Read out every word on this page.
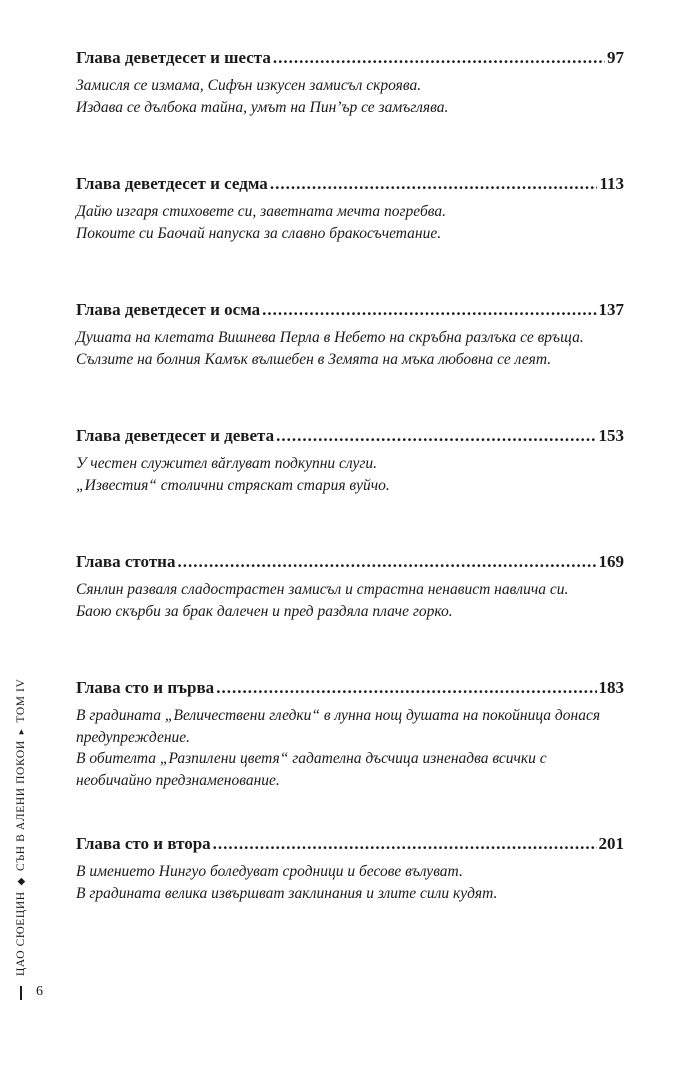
Глава деветдесет и шеста .....	97
Замисля се измама, Сифън изкусен замисъл скроява.
Издава се дълбока тайна, умът на Пин’ър се замъглява.
Глава деветдесет и седма .....	113
Дайю изгаря стиховете си, заветната мечта погребва.
Покоите си Баочай напуска за славно бракосъчетание.
Глава деветдесет и осма .....	137
Душата на клетата Вишнева Перла в Небето на скръбна разлъка се връща.
Сълзите на болния Камък вълшебен в Земята на мъка любовна се леят.
Глава деветдесет и девета .....	153
У честен служител вărлуват подкупни слуги.
„Известия“ столични стряскат стария вуйчо.
Глава стотна .....	169
Сянлин разваля сладострастен замисъл и страстна ненавист навлича си.
Баою скърби за брак далечен и пред раздяла плаче горко.
Глава сто и първа .....	183
В градината „Величествени гледки“ в лунна нощ душата на покойница донася предупреждение.
В обителта „Разпилени цветя“ гадателна дъсчица изненадва всички с необичайно предзнаменование.
Глава сто и втора .....	201
В имението Нингуо боледуват сродници и бесове вълуват.
В градината велика извършват заклинания и злите сили кудят.
ЦАО СЮЕЦИН
◆
СЪН В АЛЕНИ ПОКОИ
▸
ТОМ IV
6
